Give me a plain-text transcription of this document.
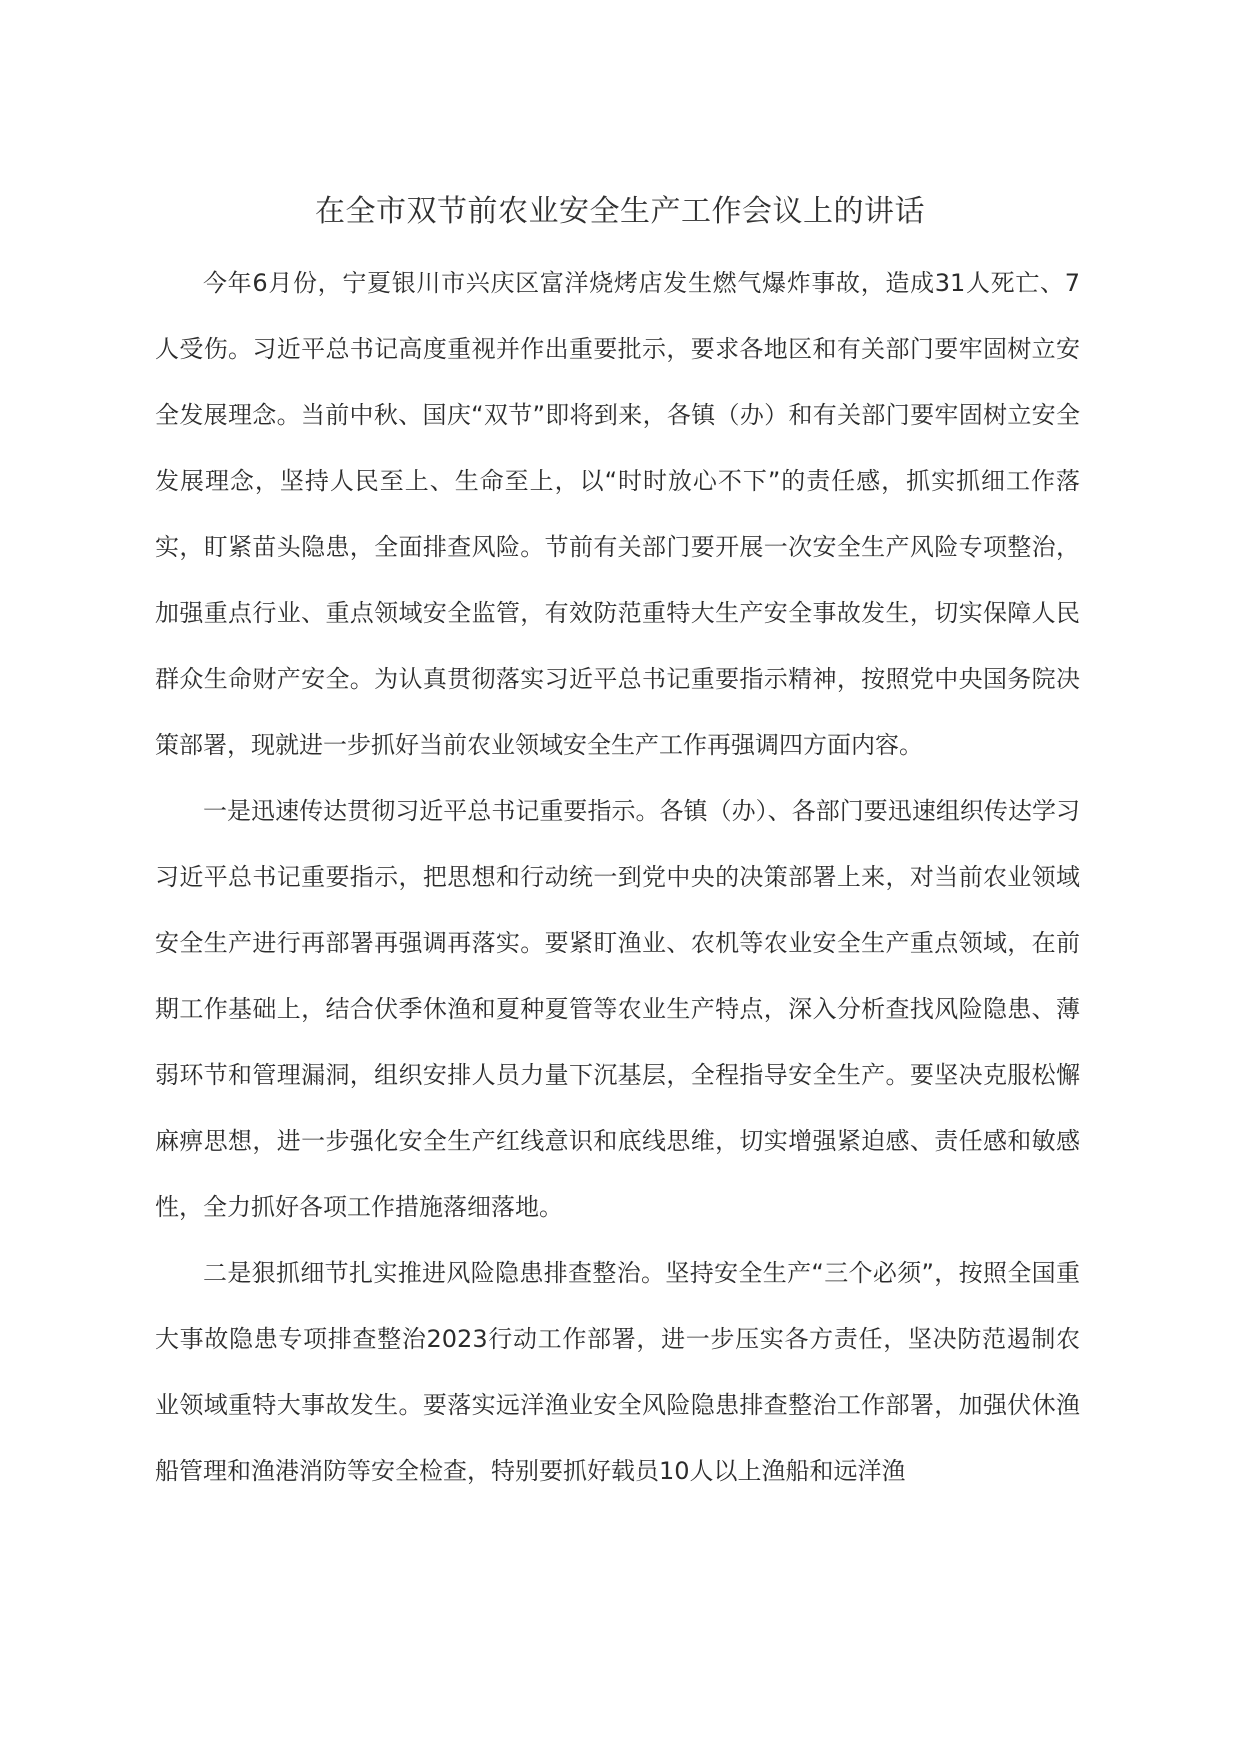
在全市双节前农业安全生产工作会议上的讲话

今年6月份，宁夏银川市兴庆区富洋烧烤店发生燃气爆炸事故，造成31人死亡、7人受伤。习近平总书记高度重视并作出重要批示，要求各地区和有关部门要牢固树立安全发展理念。当前中秋、国庆“双节”即将到来，各镇（办）和有关部门要牢固树立安全发展理念，坚持人民至上、生命至上，以“时时放心不下”的责任感，抓实抓细工作落实，盯紧苗头隐患，全面排查风险。节前有关部门要开展一次安全生产风险专项整治，加强重点行业、重点领域安全监管，有效防范重特大生产安全事故发生，切实保障人民群众生命财产安全。为认真贯彻落实习近平总书记重要指示精神，按照党中央国务院决策部署，现就进一步抓好当前农业领域安全生产工作再强调四方面内容。

一是迅速传达贯彻习近平总书记重要指示。各镇（办）、各部门要迅速组织传达学习习近平总书记重要指示，把思想和行动统一到党中央的决策部署上来，对当前农业领域安全生产进行再部署再强调再落实。要紧盯渔业、农机等农业安全生产重点领域，在前期工作基础上，结合伏季休渔和夏种夏管等农业生产特点，深入分析查找风险隐患、薄弱环节和管理漏洞，组织安排人员力量下沉基层，全程指导安全生产。要坚决克服松懈麻痹思想，进一步强化安全生产红线意识和底线思维，切实增强紧迫感、责任感和敏感性，全力抓好各项工作措施落细落地。

二是狠抓细节扎实推进风险隐患排查整治。坚持安全生产“三个必须”，按照全国重大事故隐患专项排查整治2023行动工作部署，进一步压实各方责任，坚决防范遏制农业领域重特大事故发生。要落实远洋渔业安全风险隐患排查整治工作部署，加强伏休渔船管理和渔港消防等安全检查，特别要抓好载员10人以上渔船和远洋渔
